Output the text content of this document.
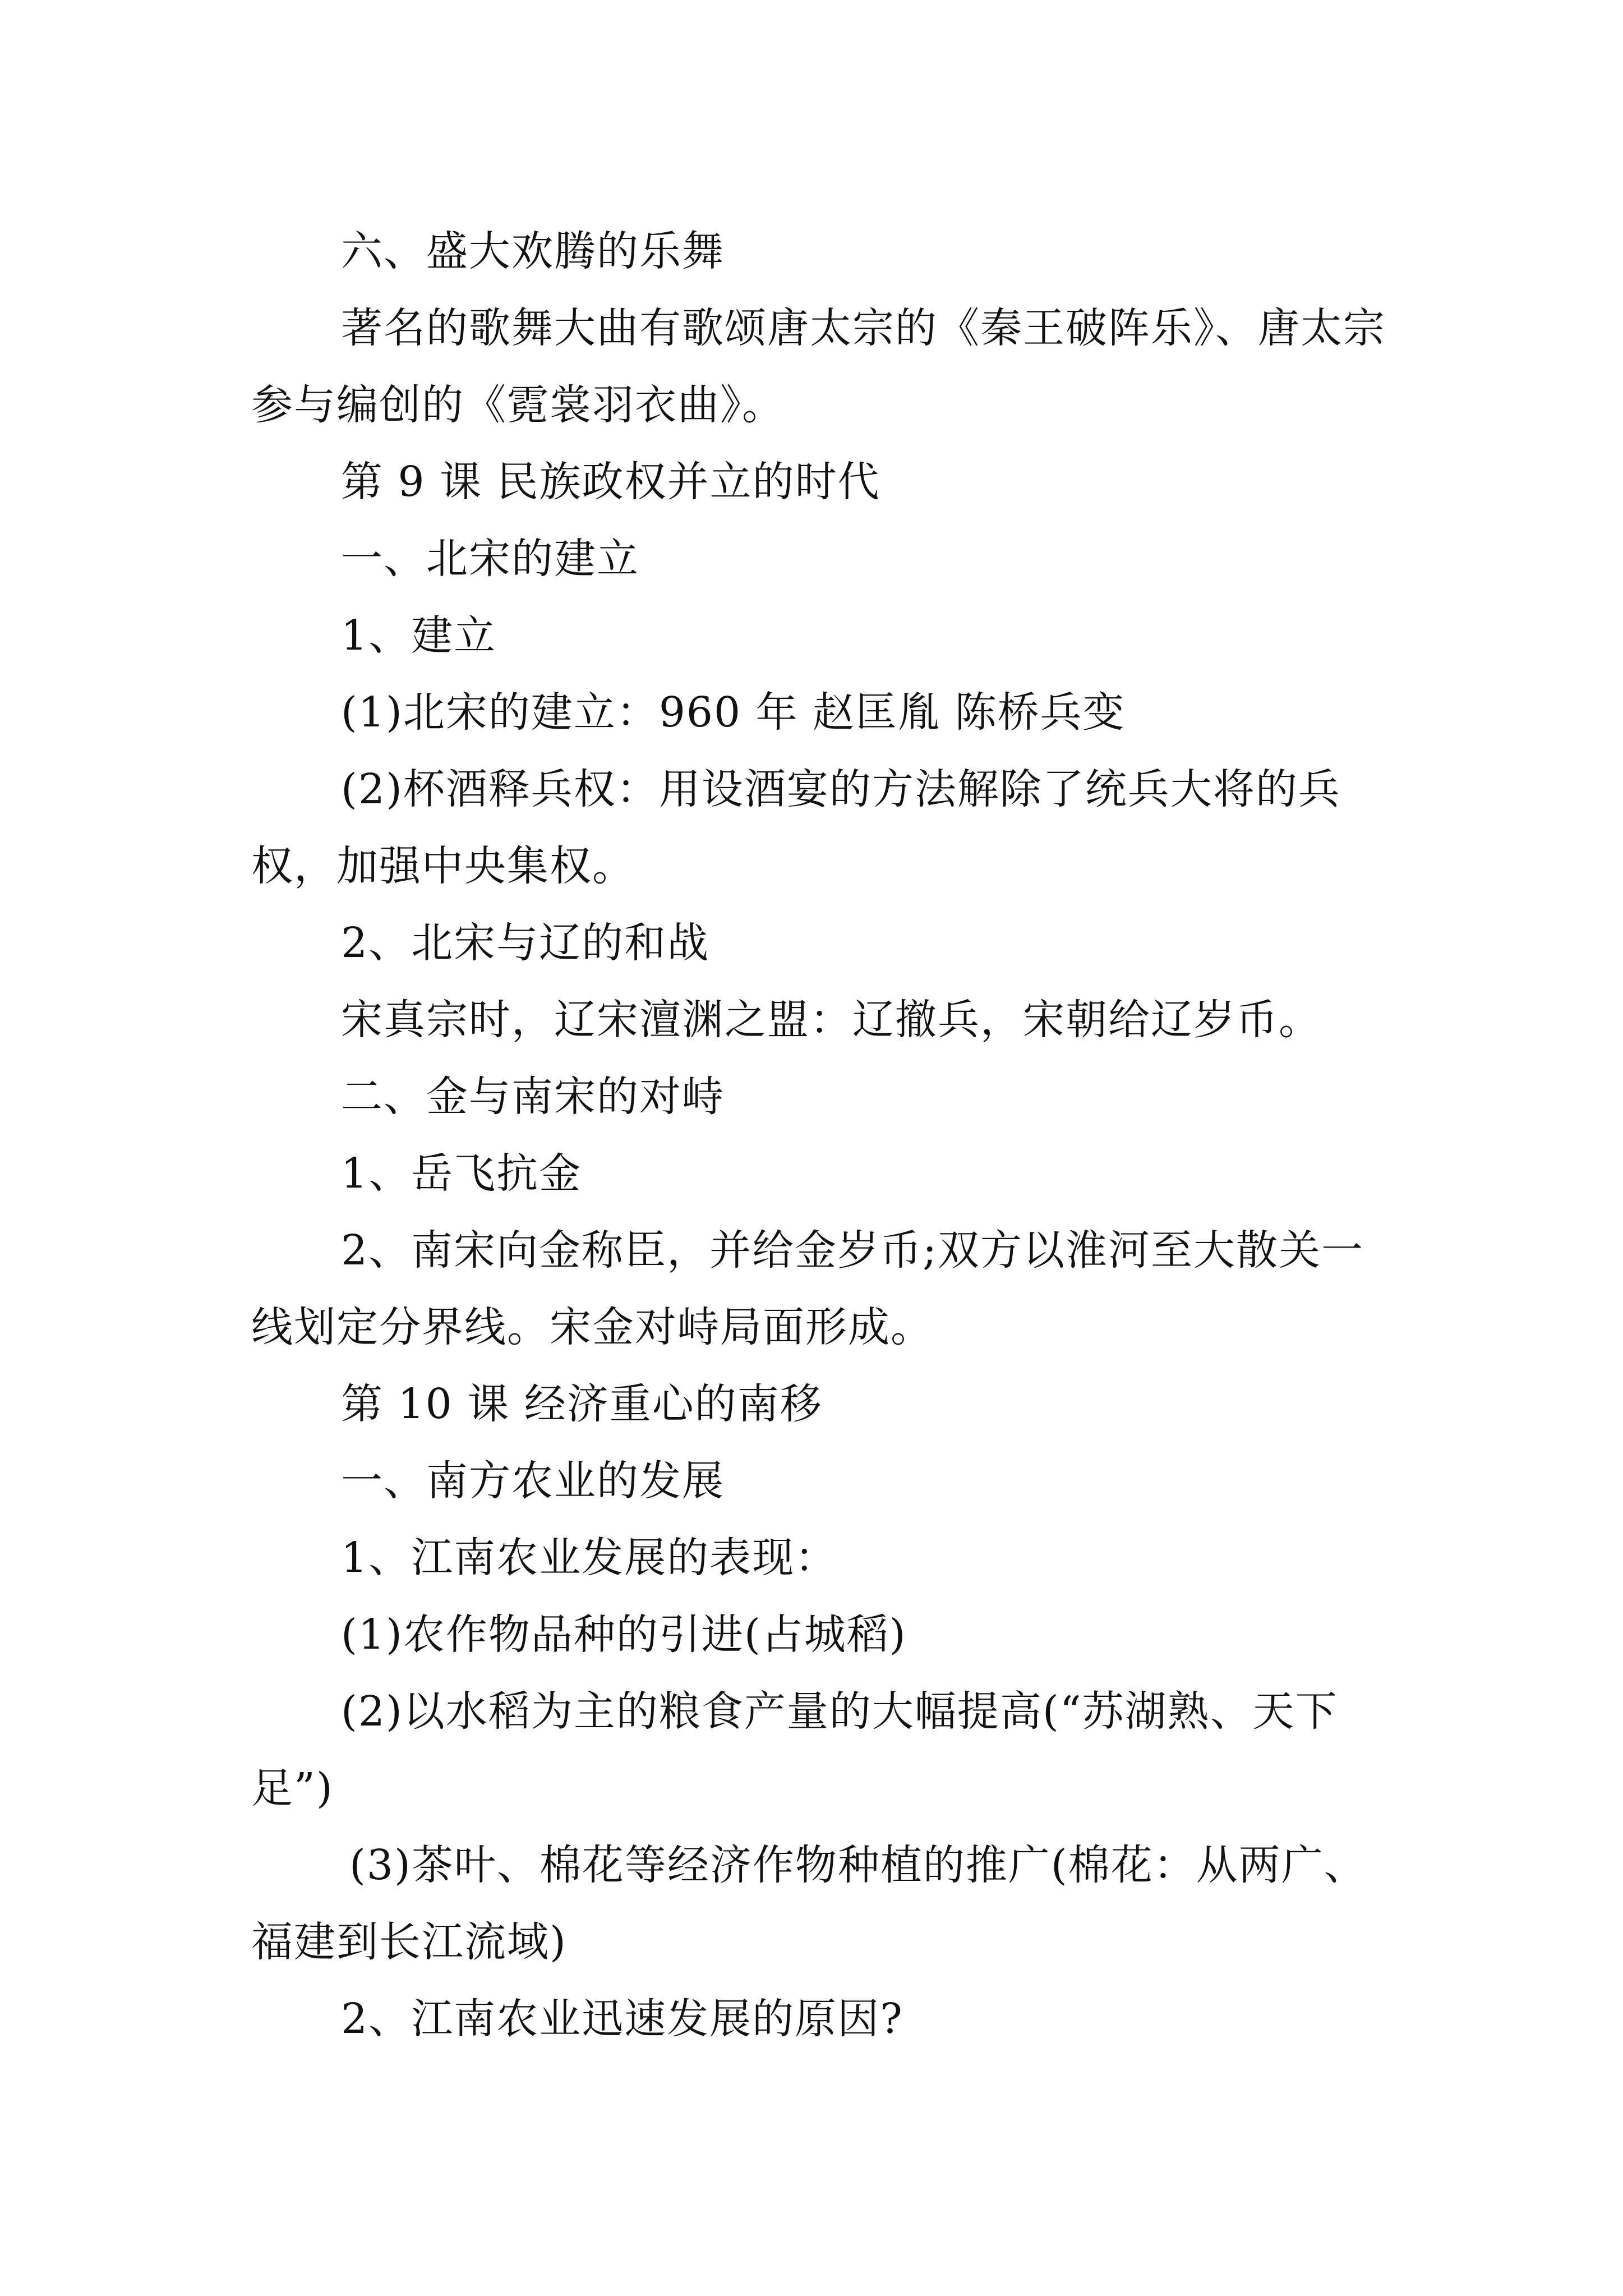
六、盛大欢腾的乐舞

著名的歌舞大曲有歌颂唐太宗的《秦王破阵乐》、唐太宗参与编创的《霓裳羽衣曲》。

第 9 课 民族政权并立的时代

一、北宋的建立

1、建立

(1)北宋的建立：960 年 赵匡胤 陈桥兵变

(2)杯酒释兵权：用设酒宴的方法解除了统兵大将的兵权，加强中央集权。

2、北宋与辽的和战

宋真宗时，辽宋澶渊之盟：辽撤兵，宋朝给辽岁币。

二、金与南宋的对峙

1、岳飞抗金

2、南宋向金称臣，并给金岁币;双方以淮河至大散关一线划定分界线。宋金对峙局面形成。

第 10 课 经济重心的南移

一、南方农业的发展

1、江南农业发展的表现：

(1)农作物品种的引进(占城稻)

(2)以水稻为主的粮食产量的大幅提高(“苏湖熟、天下足”)

(3)茶叶、棉花等经济作物种植的推广(棉花：从两广、福建到长江流域)

2、江南农业迅速发展的原因?
